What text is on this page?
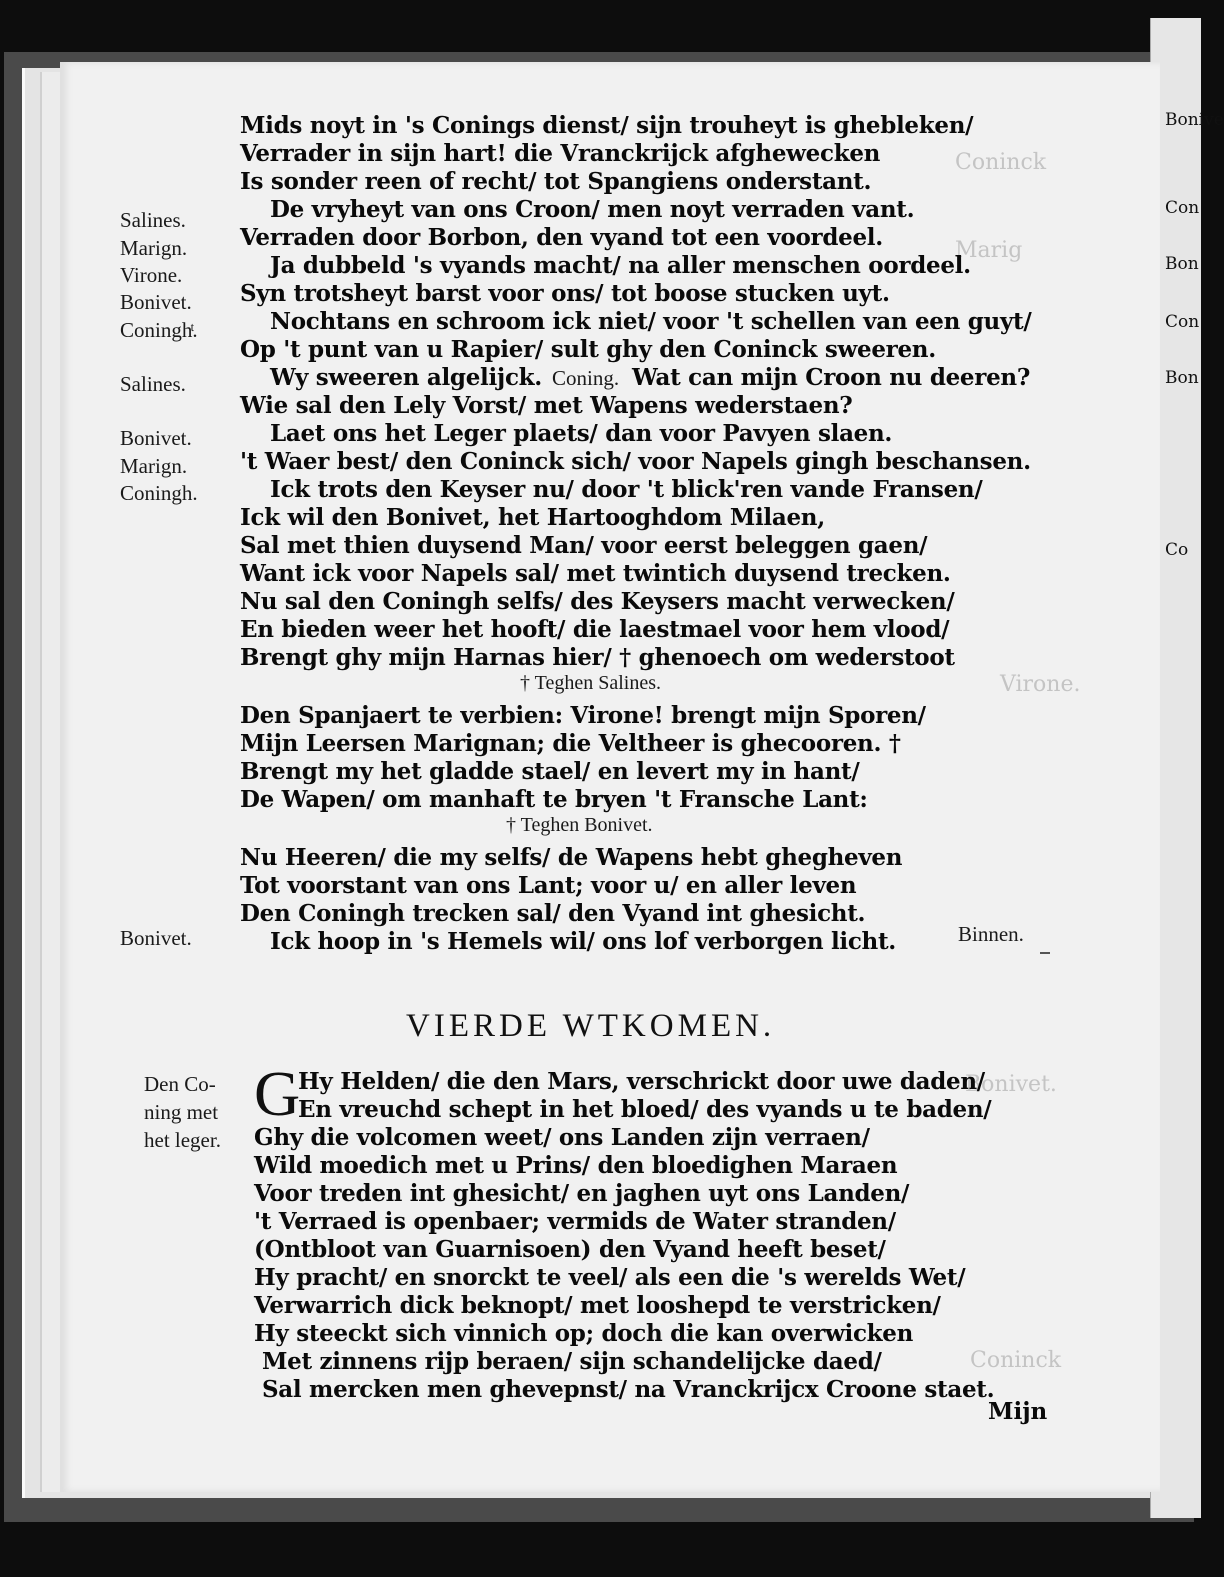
Bonive
Con
Bon
Con
Bon
Co
Coninck
Marig
Virone.
Bonivet.
Coninck
Salines.
Marign.
Virone.
Bonivet.
Coninghͭ.
Salines.
Bonivet.
Marign.
Coningh.
Bonivet.
Mids noyt in 's Conings dienst/ sijn trouheyt is ghebleken/
Verrader in sijn hart! die Vranckrijck afghewecken
Is sonder reen of recht/ tot Spangiens onderstant.
De vryheyt van ons Croon/ men noyt verraden vant.
Verraden door Borbon, den vyand tot een voordeel.
Ja dubbeld 's vyands macht/ na aller menschen oordeel.
Syn trotsheyt barst voor ons/ tot boose stucken uyt.
Nochtans en schroom ick niet/ voor 't schellen van een guyt/
Op 't punt van u Rapier/ sult ghy den Coninck sweeren.
Wy sweeren algelijck. Coning. Wat can mijn Croon nu deeren?
Wie sal den Lely Vorst/ met Wapens wederstaen?
Laet ons het Leger plaets/ dan voor Pavyen slaen.
't Waer best/ den Coninck sich/ voor Napels gingh beschansen.
Ick trots den Keyser nu/ door 't blick'ren vande Fransen/
Ick wil den Bonivet, het Hartooghdom Milaen,
Sal met thien duysend Man/ voor eerst beleggen gaen/
Want ick voor Napels sal/ met twintich duysend trecken.
Nu sal den Coningh selfs/ des Keysers macht verwecken/
En bieden weer het hooft/ die laestmael voor hem vlood/
Brengt ghy mijn Harnas hier/ † ghenoech om wederstoot
† Teghen Salines.
Den Spanjaert te verbien: Virone! brengt mijn Sporen/
Mijn Leersen Marignan; die Veltheer is ghecooren. †
Brengt my het gladde stael/ en levert my in hant/
De Wapen/ om manhaft te bryen 't Fransche Lant:
† Teghen Bonivet.
Nu Heeren/ die my selfs/ de Wapens hebt ghegheven
Tot voorstant van ons Lant; voor u/ en aller leven
Den Coningh trecken sal/ den Vyand int ghesicht.
Ick hoop in 's Hemels wil/ ons lof verborgen licht.	Binnen.
VIERDE WTKOMEN.
Den Co-
ning met
het leger.
G
Hy Helden/ die den Mars, verschrickt door uwe daden/
En vreuchd schept in het bloed/ des vyands u te baden/
Ghy die volcomen weet/ ons Landen zijn verraen/
Wild moedich met u Prins/ den bloedighen Maraen
Voor treden int ghesicht/ en jaghen uyt ons Landen/
't Verraed is openbaer; vermids de Water stranden/
(Ontbloot van Guarnisoen) den Vyand heeft beset/
Hy pracht/ en snorckt te veel/ als een die 's werelds Wet/
Verwarrich dick beknopt/ met looshepd te verstricken/
Hy steeckt sich vinnich op; doch die kan overwicken
Met zinnens rijp beraen/ sijn schandelijcke daed/
Sal mercken men ghevepnst/ na Vranckrijcx Croone staet.
Mijn
